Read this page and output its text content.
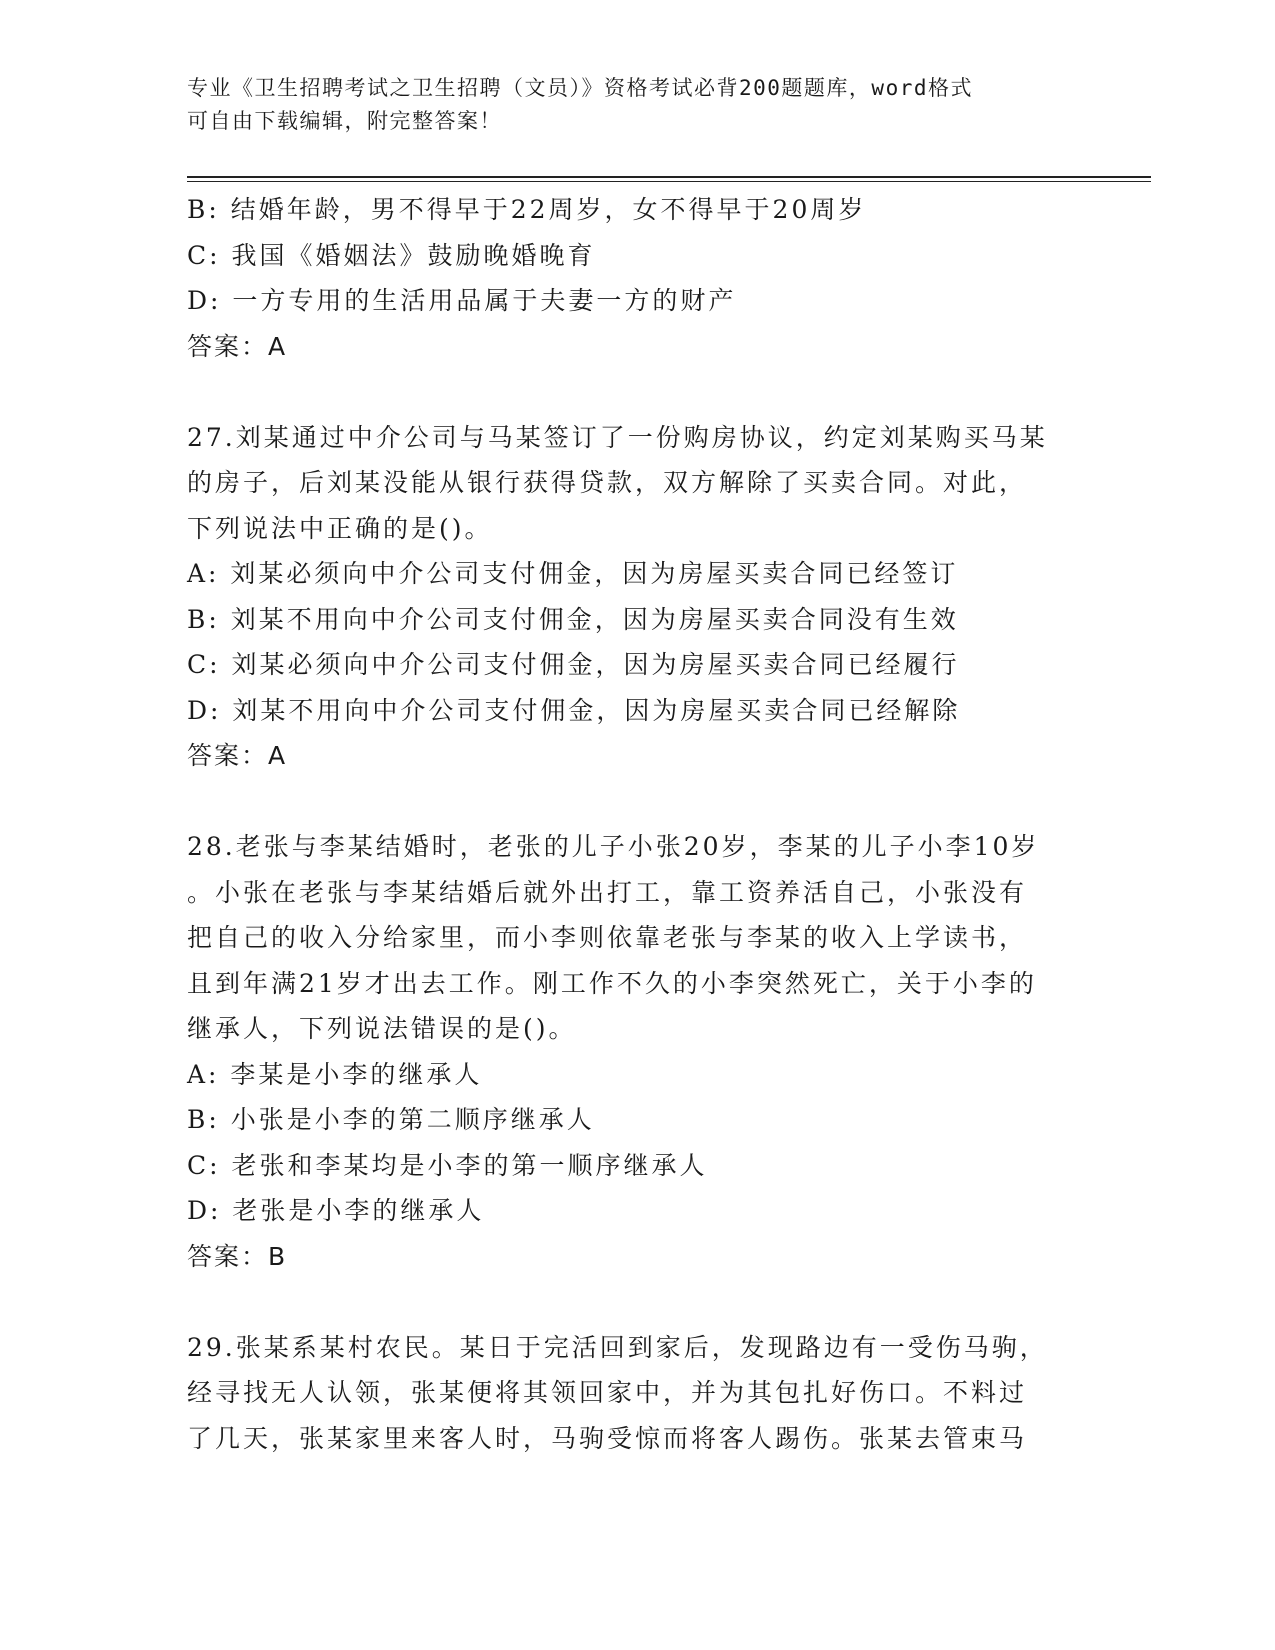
专业《卫生招聘考试之卫生招聘（文员）》资格考试必背200题题库，word格式
可自由下载编辑，附完整答案！
B: 结婚年龄，男不得早于22周岁，女不得早于20周岁
C: 我国《婚姻法》鼓励晚婚晚育
D: 一方专用的生活用品属于夫妻一方的财产
答案：A
27.刘某通过中介公司与马某签订了一份购房协议，约定刘某购买马某
的房子，后刘某没能从银行获得贷款，双方解除了买卖合同。对此，
下列说法中正确的是()。
A: 刘某必须向中介公司支付佣金，因为房屋买卖合同已经签订
B: 刘某不用向中介公司支付佣金，因为房屋买卖合同没有生效
C: 刘某必须向中介公司支付佣金，因为房屋买卖合同已经履行
D: 刘某不用向中介公司支付佣金，因为房屋买卖合同已经解除
答案：A
28.老张与李某结婚时，老张的儿子小张20岁，李某的儿子小李10岁
。小张在老张与李某结婚后就外出打工，靠工资养活自己，小张没有
把自己的收入分给家里，而小李则依靠老张与李某的收入上学读书，
且到年满21岁才出去工作。刚工作不久的小李突然死亡，关于小李的
继承人，下列说法错误的是()。
A: 李某是小李的继承人
B: 小张是小李的第二顺序继承人
C: 老张和李某均是小李的第一顺序继承人
D: 老张是小李的继承人
答案：B
29.张某系某村农民。某日于完活回到家后，发现路边有一受伤马驹，
经寻找无人认领，张某便将其领回家中，并为其包扎好伤口。不料过
了几天，张某家里来客人时，马驹受惊而将客人踢伤。张某去管束马
